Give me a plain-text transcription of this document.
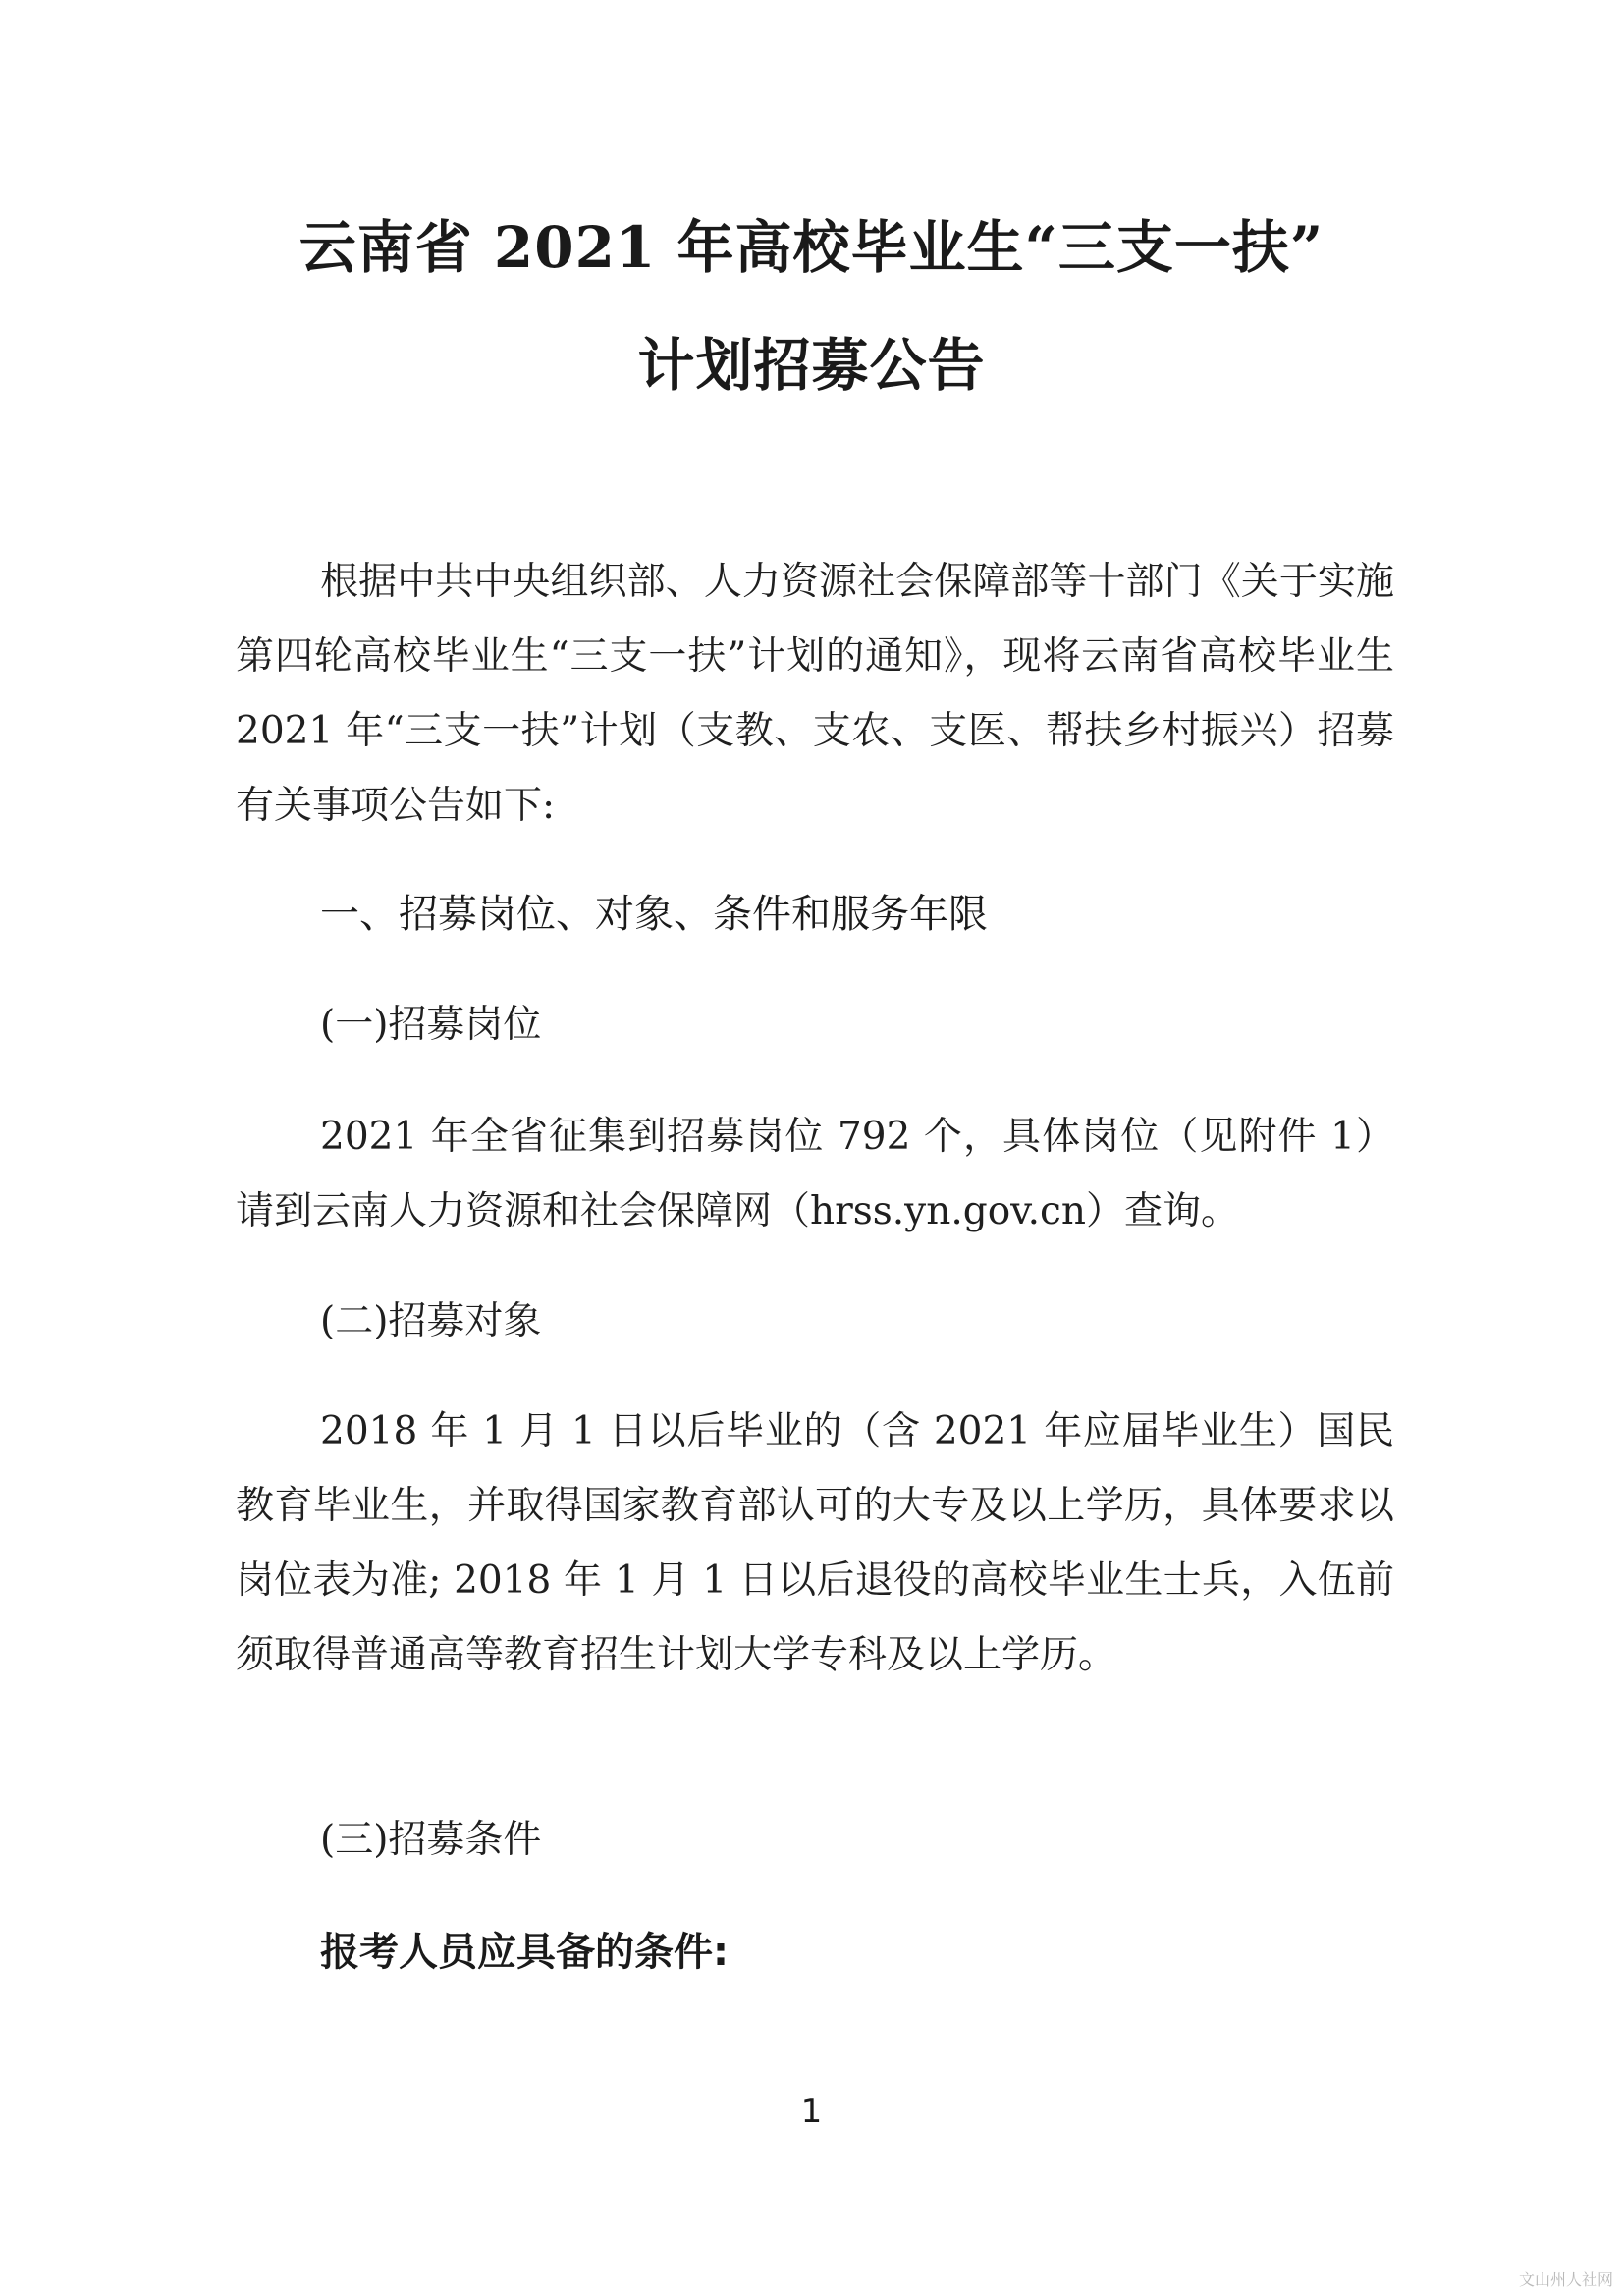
云南省 2021 年高校毕业生“三支一扶”
计划招募公告
根据中共中央组织部、人力资源社会保障部等十部门《关于实施第四轮高校毕业生“三支一扶”计划的通知》，现将云南省高校毕业生 2021 年“三支一扶”计划（支教、支农、支医、帮扶乡村振兴）招募有关事项公告如下:
一、招募岗位、对象、条件和服务年限
(一)招募岗位
2021 年全省征集到招募岗位 792 个，具体岗位（见附件 1）请到云南人力资源和社会保障网（hrss.yn.gov.cn）查询。
(二)招募对象
2018 年 1 月 1 日以后毕业的（含 2021 年应届毕业生）国民教育毕业生，并取得国家教育部认可的大专及以上学历，具体要求以岗位表为准; 2018 年 1 月 1 日以后退役的高校毕业生士兵，入伍前须取得普通高等教育招生计划大学专科及以上学历。
(三)招募条件
报考人员应具备的条件:
1
文山州人社网
